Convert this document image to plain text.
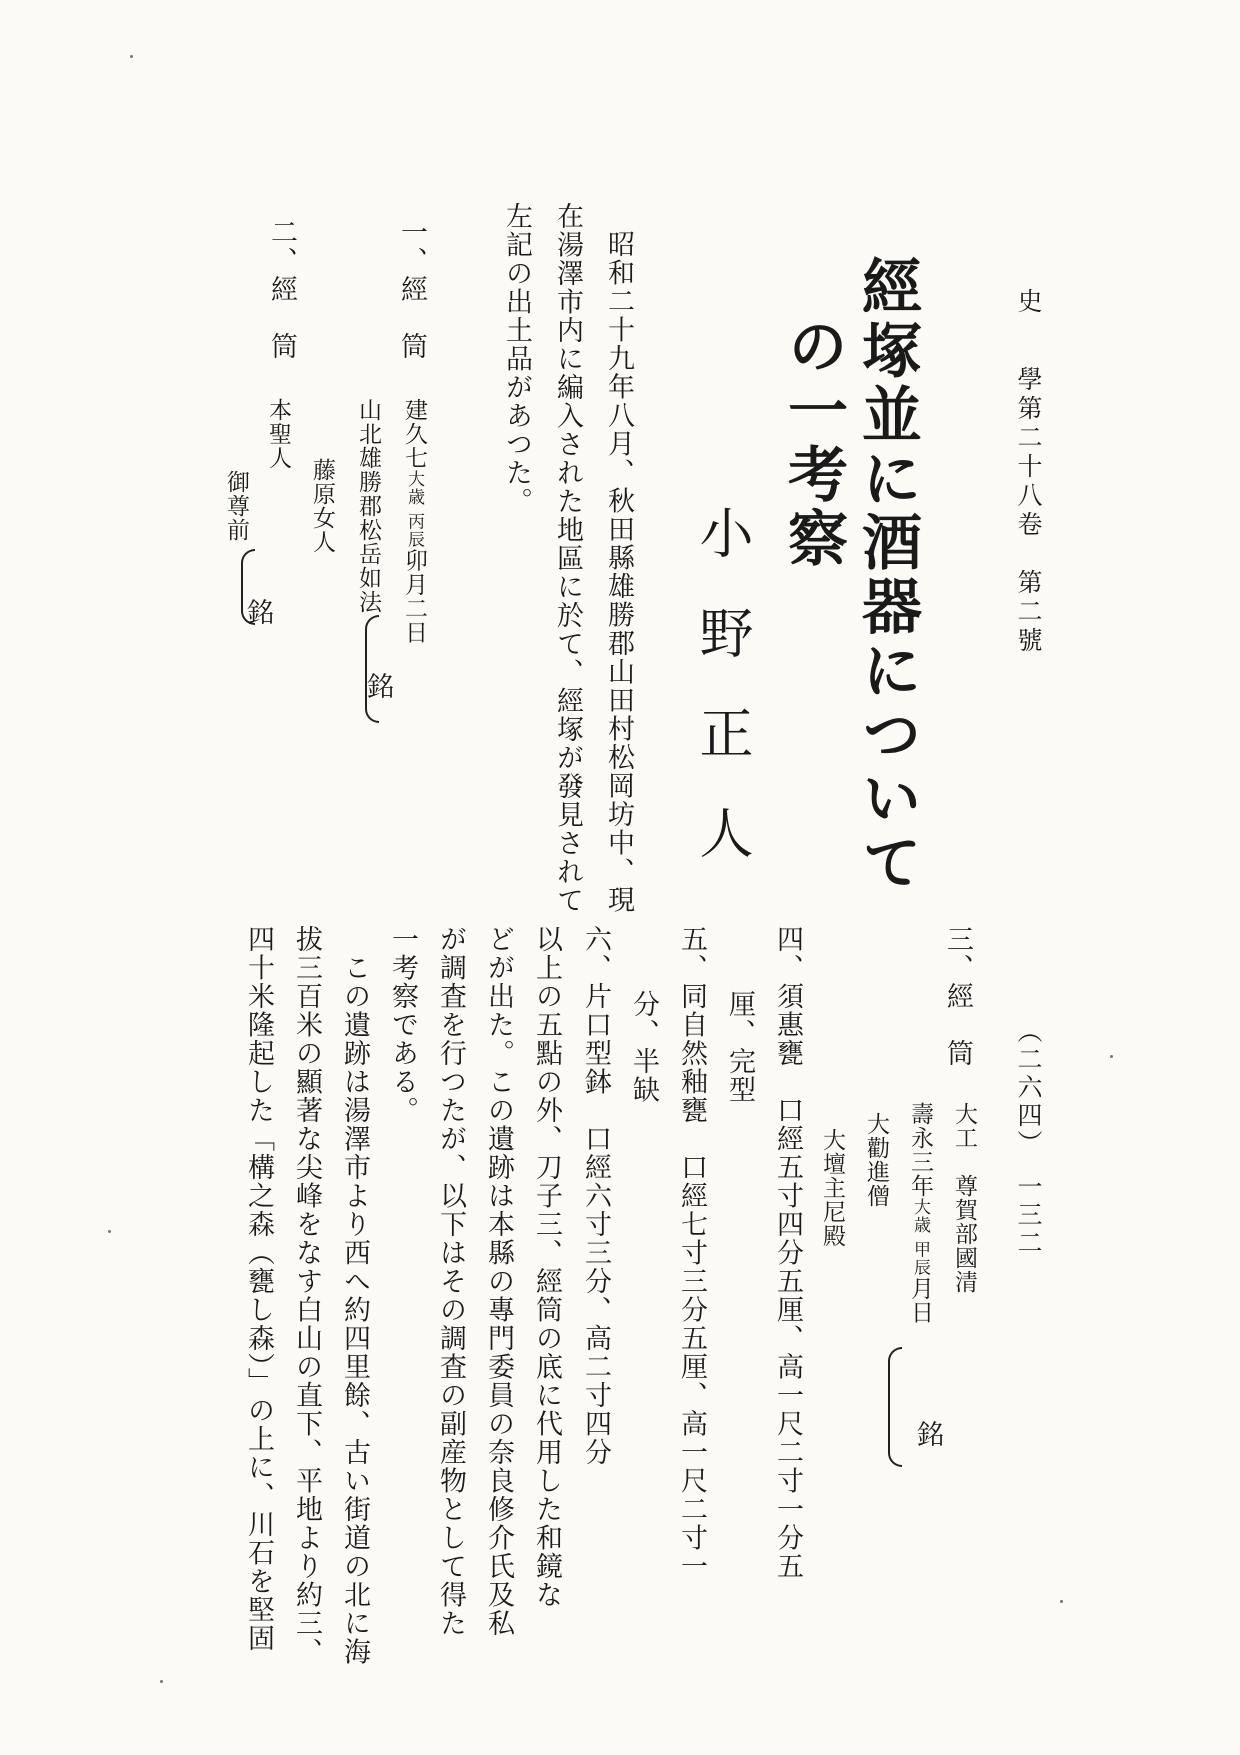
史　學
第二十八卷　第二號
（二六四）　一三二
經塚並に酒器について
の一考察
小野正人
昭和二十九年八月、秋田縣雄勝郡山田村松岡坊中、現
在湯澤市内に編入された地區に於て、經塚が發見されて
左記の出土品があつた。
一、經　筒
建久七大歳 丙辰卯月二日
山北雄勝郡松岳如法
藤原女人
銘
二、經　筒
本聖人
御尊前
銘
三、經　筒
大工　尊賀部國清
壽永三年大歳 甲辰月日
大勸進僧
大壇主尼殿
銘
四、須惠甕　口經五寸四分五厘、高一尺二寸一分五
厘、完型
五、同自然釉甕　口經七寸三分五厘、高一尺二寸一
分、半缺
六、片口型鉢　口經六寸三分、高二寸四分
以上の五點の外、刀子三、經筒の底に代用した和鏡な
どが出た。この遺跡は本縣の專門委員の奈良修介氏及私
が調査を行つたが、以下はその調査の副産物として得た
一考察である。
　この遺跡は湯澤市より西へ約四里餘、古い街道の北に海
拔三百米の顯著な尖峰をなす白山の直下、平地より約三、
四十米隆起した「構之森（甕し森）」の上に、川石を堅固
